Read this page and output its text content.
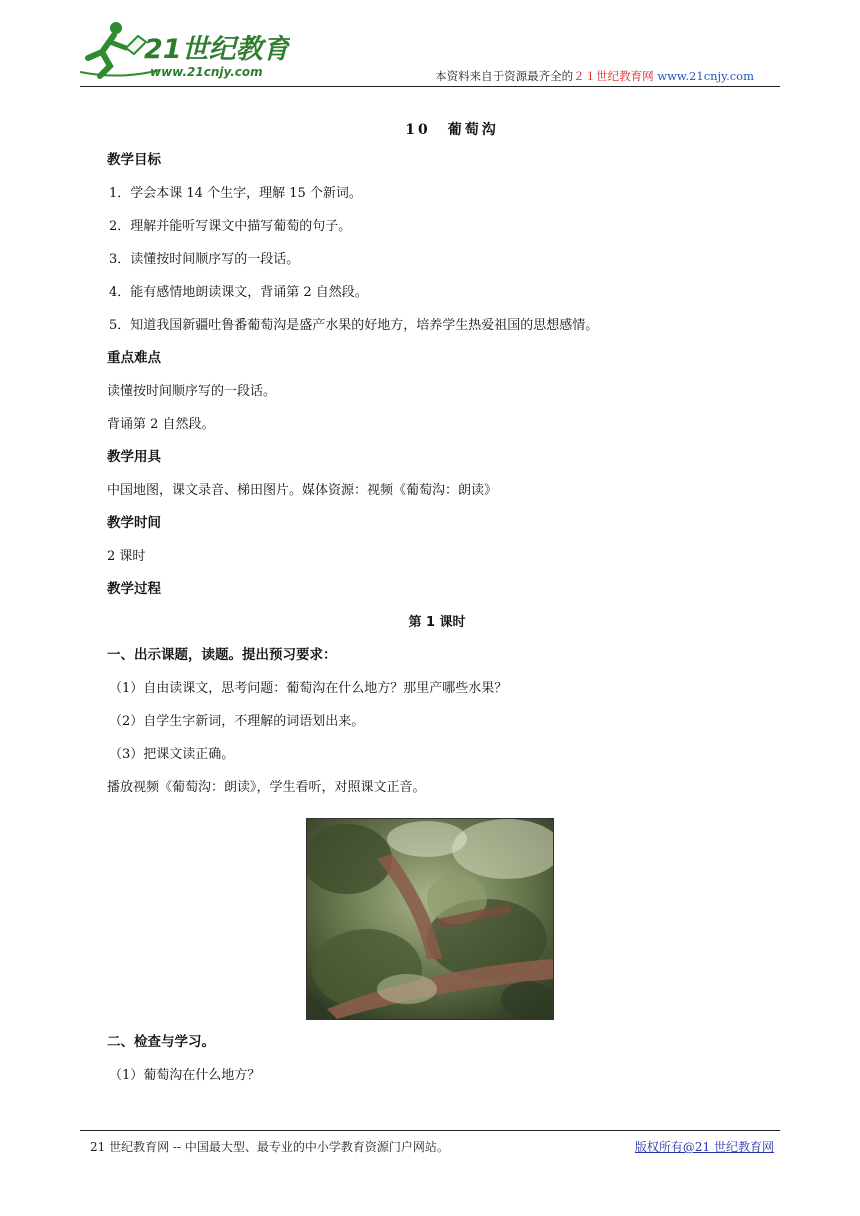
21世纪教育
www.21cnjy.com	本资料来自于资源最齐全的２１世纪教育网 www.21cnjy.com
10　葡萄沟
教学目标
1．学会本课 14 个生字，理解 15 个新词。
2．理解并能听写课文中描写葡萄的句子。
3．读懂按时间顺序写的一段话。
4．能有感情地朗读课文，背诵第 2 自然段。
5．知道我国新疆吐鲁番葡萄沟是盛产水果的好地方，培养学生热爱祖国的思想感情。
重点难点
读懂按时间顺序写的一段话。
背诵第 2 自然段。
教学用具
中国地图，课文录音、梯田图片。媒体资源：视频《葡萄沟：朗读》
教学时间
2 课时
教学过程
第 1 课时
一、出示课题，读题。提出预习要求：
（1）自由读课文，思考问题：葡萄沟在什么地方？那里产哪些水果？
（2）自学生字新词，不理解的词语划出来。
（3）把课文读正确。
播放视频《葡萄沟：朗读》，学生看听，对照课文正音。
二、检查与学习。
（1）葡萄沟在什么地方？
21 世纪教育网 -- 中国最大型、最专业的中小学教育资源门户网站。	版权所有@21 世纪教育网
